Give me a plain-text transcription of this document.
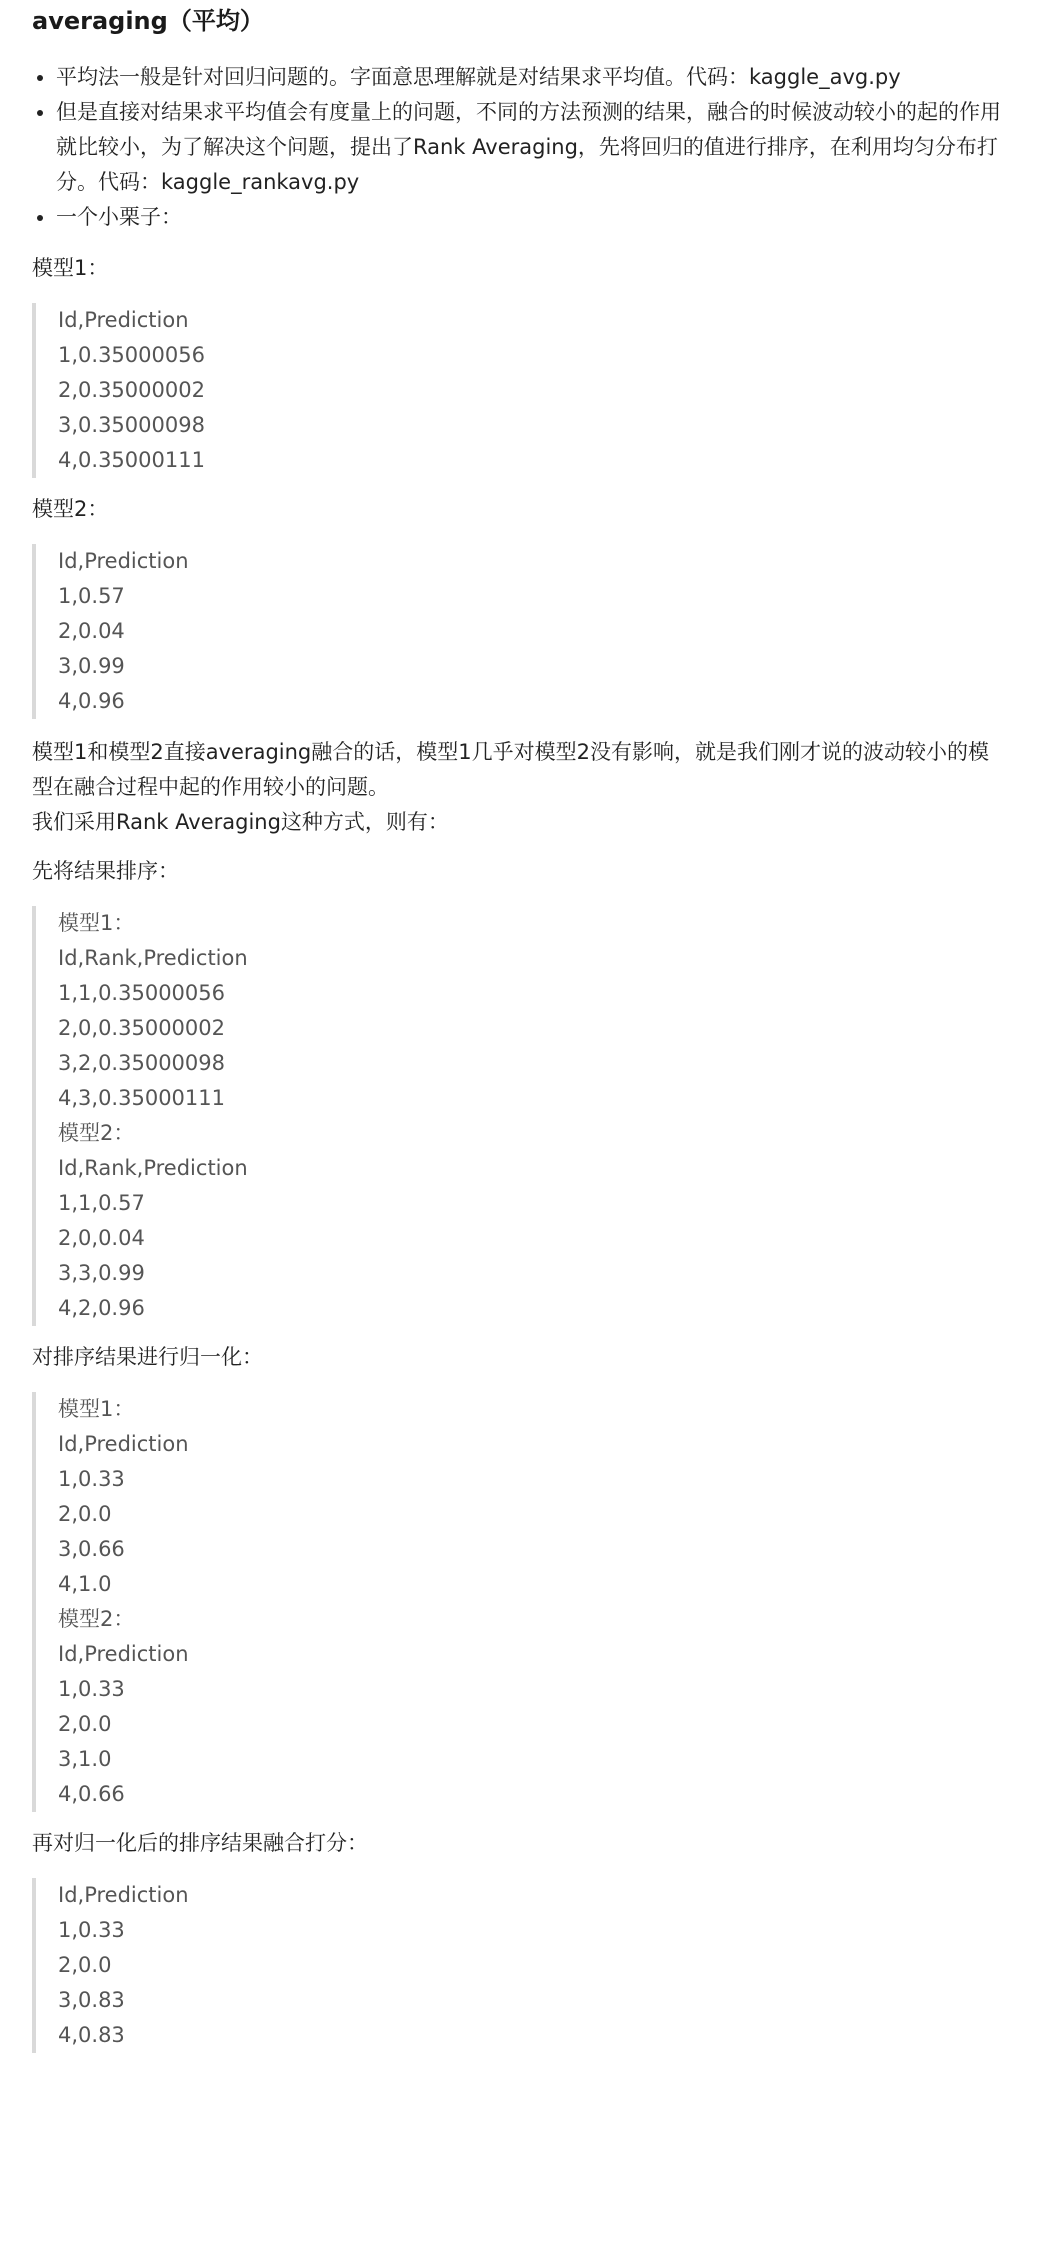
averaging（平均）
平均法一般是针对回归问题的。字面意思理解就是对结果求平均值。代码：kaggle_avg.py
但是直接对结果求平均值会有度量上的问题，不同的方法预测的结果，融合的时候波动较小的起的作用就比较小，为了解决这个问题，提出了Rank Averaging，先将回归的值进行排序，在利用均匀分布打分。代码：kaggle_rankavg.py
一个小栗子：

模型1：

Id,Prediction
1,0.35000056
2,0.35000002
3,0.35000098
4,0.35000111

模型2：

Id,Prediction
1,0.57
2,0.04
3,0.99
4,0.96

模型1和模型2直接averaging融合的话，模型1几乎对模型2没有影响，就是我们刚才说的波动较小的模型在融合过程中起的作用较小的问题。

我们采用Rank Averaging这种方式，则有：

先将结果排序：

模型1：
Id,Rank,Prediction
1,1,0.35000056
2,0,0.35000002
3,2,0.35000098
4,3,0.35000111
模型2：
Id,Rank,Prediction
1,1,0.57
2,0,0.04
3,3,0.99
4,2,0.96

对排序结果进行归一化：

模型1：
Id,Prediction
1,0.33
2,0.0
3,0.66
4,1.0
模型2：
Id,Prediction
1,0.33
2,0.0
3,1.0
4,0.66

再对归一化后的排序结果融合打分：

Id,Prediction
1,0.33
2,0.0
3,0.83
4,0.83
